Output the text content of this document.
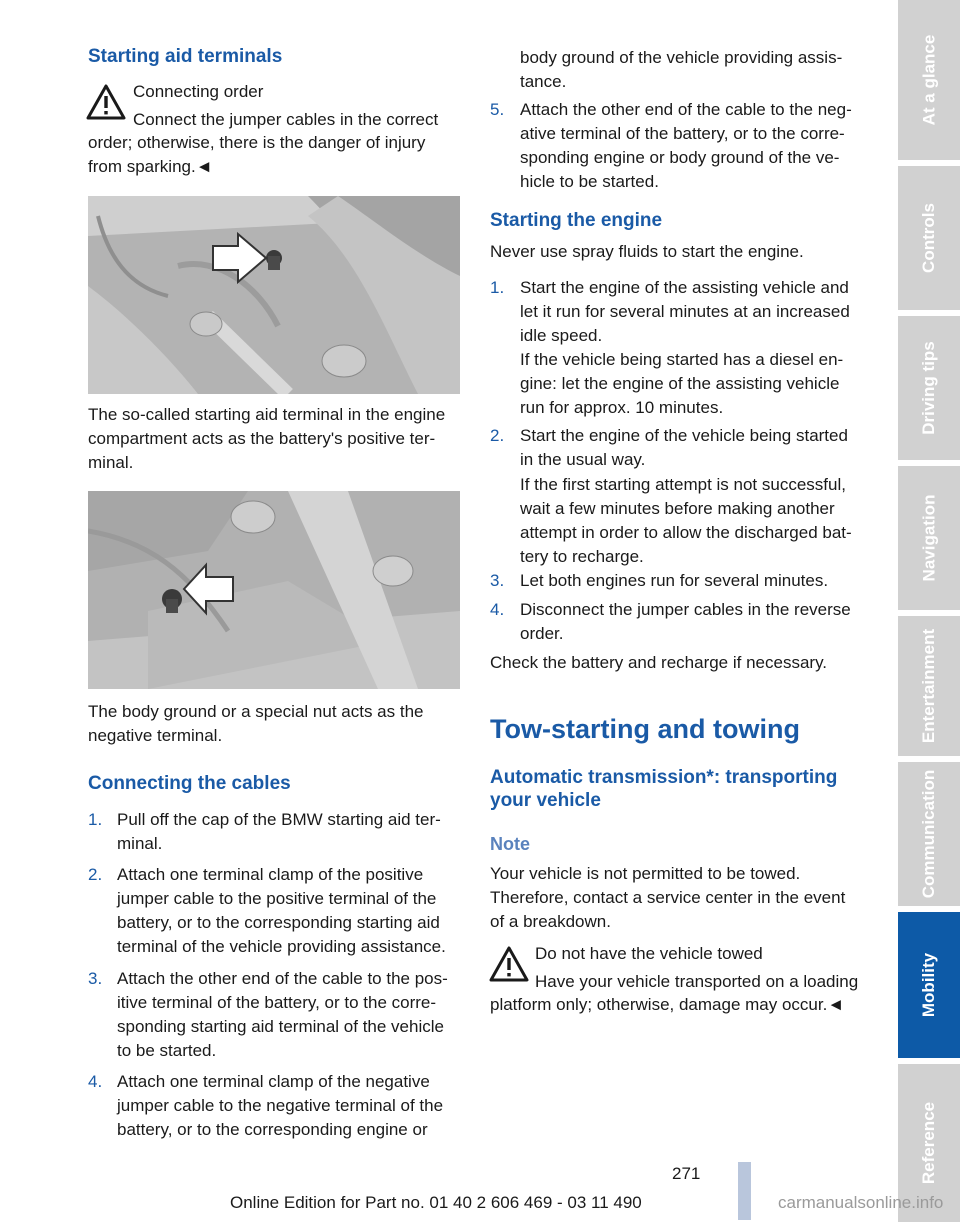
Starting aid terminals
Connecting order
Connect the jumper cables in the correct
order; otherwise, there is the danger of injury
from sparking.◄
The so-called starting aid terminal in the engine
compartment acts as the battery's positive ter-
minal.
The body ground or a special nut acts as the
negative terminal.
Connecting the cables
1. Pull off the cap of the BMW starting aid ter-
minal.
2. Attach one terminal clamp of the positive
jumper cable to the positive terminal of the
battery, or to the corresponding starting aid
terminal of the vehicle providing assistance.
3. Attach the other end of the cable to the pos-
itive terminal of the battery, or to the corre-
sponding starting aid terminal of the vehicle
to be started.
4. Attach one terminal clamp of the negative
jumper cable to the negative terminal of the
battery, or to the corresponding engine or
body ground of the vehicle providing assis-
tance.
5. Attach the other end of the cable to the neg-
ative terminal of the battery, or to the corre-
sponding engine or body ground of the ve-
hicle to be started.
Starting the engine
Never use spray fluids to start the engine.
1. Start the engine of the assisting vehicle and
let it run for several minutes at an increased
idle speed.
If the vehicle being started has a diesel en-
gine: let the engine of the assisting vehicle
run for approx. 10 minutes.
2. Start the engine of the vehicle being started
in the usual way.
If the first starting attempt is not successful,
wait a few minutes before making another
attempt in order to allow the discharged bat-
tery to recharge.
3. Let both engines run for several minutes.
4. Disconnect the jumper cables in the reverse
order.
Check the battery and recharge if necessary.
Tow-starting and towing
Automatic transmission*: transporting
your vehicle
Note
Your vehicle is not permitted to be towed.
Therefore, contact a service center in the event
of a breakdown.
Do not have the vehicle towed
Have your vehicle transported on a loading
platform only; otherwise, damage may occur.◄
At a glance
Controls
Driving tips
Navigation
Entertainment
Communication
Mobility
Reference
271
Online Edition for Part no. 01 40 2 606 469 - 03 11 490	carmanualsonline.info
